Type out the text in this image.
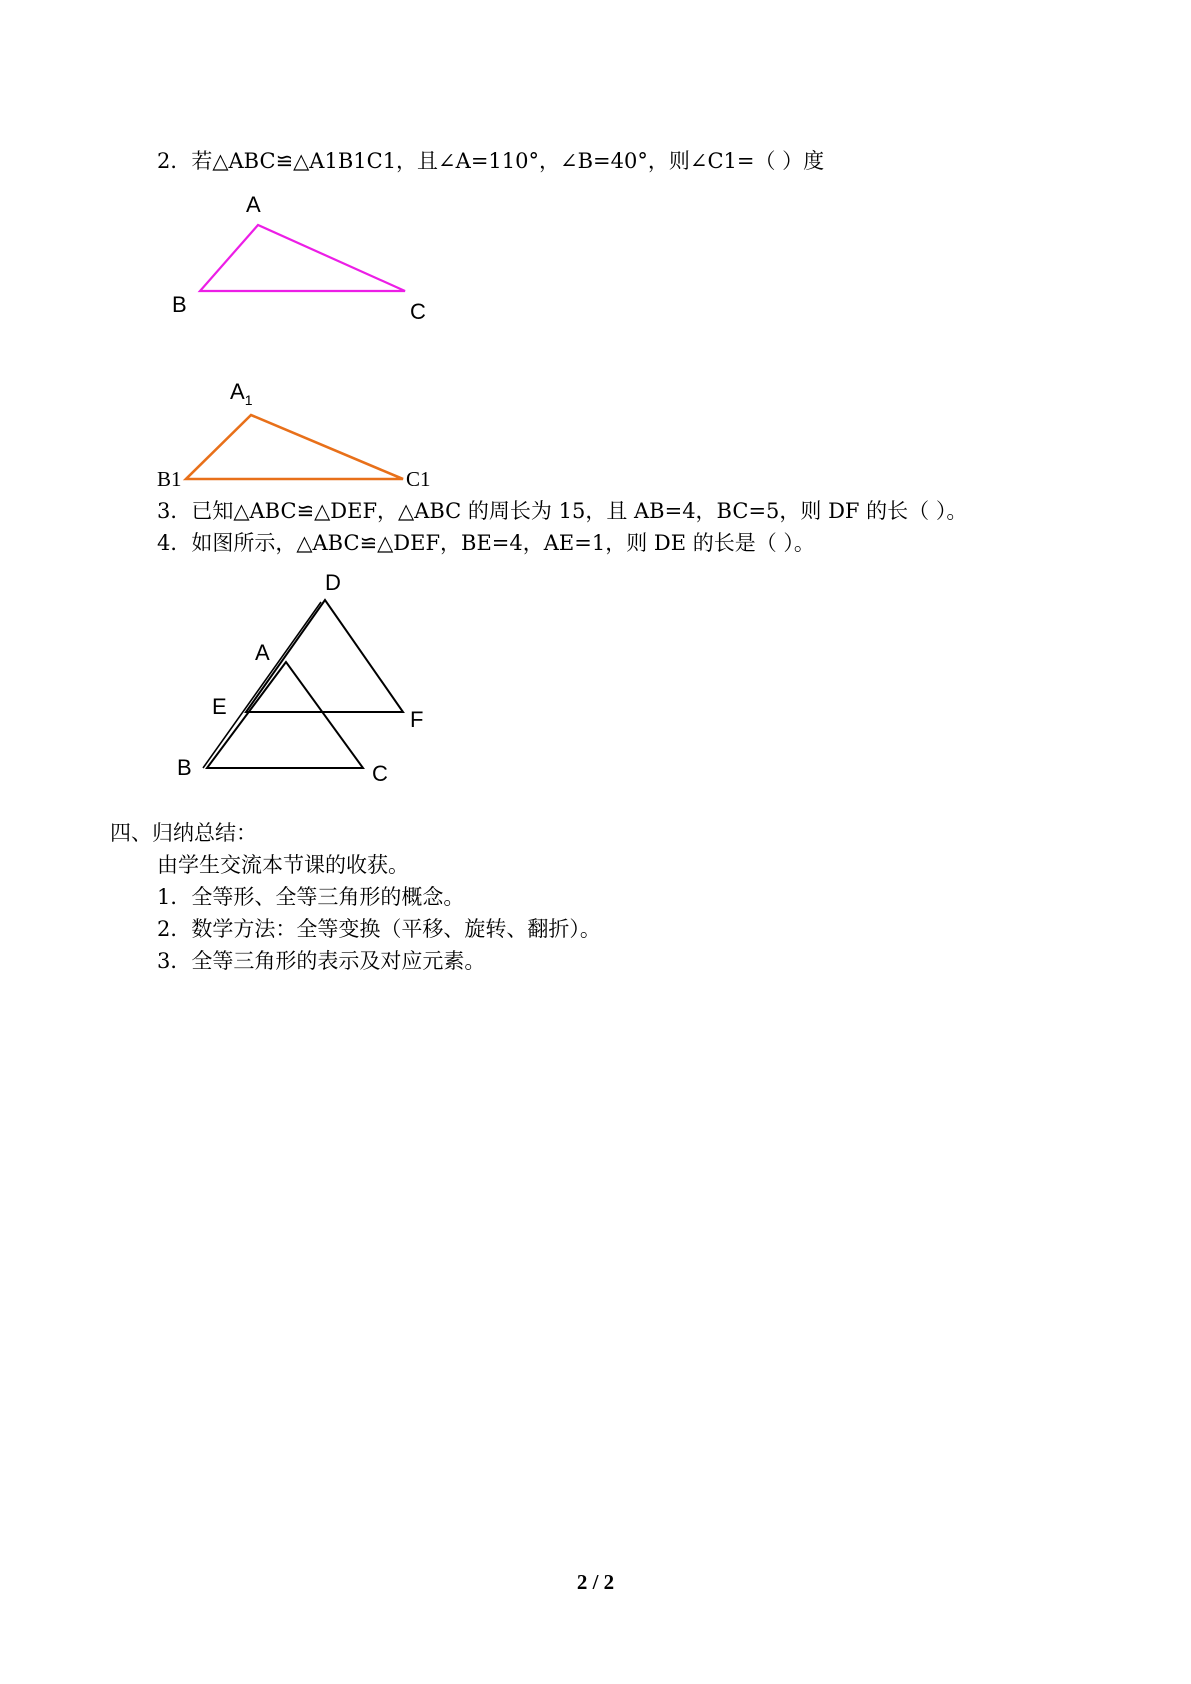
2．若△ABC≌△A1B1C1，且∠A=110°，∠B=40°，则∠C1=（ ）度
A
B	C
$A_1$
B1	C1
3．已知△ABC≌△DEF，△ABC 的周长为 15，且 AB=4，BC=5，则 DF 的长（ ）。
4．如图所示，△ABC≌△DEF，BE=4，AE=1，则 DE 的长是（ ）。
D
A
E
F
B	C
四、归纳总结：
由学生交流本节课的收获。
1．全等形、全等三角形的概念。
2．数学方法：全等变换（平移、旋转、翻折）。
3．全等三角形的表示及对应元素。
2 / 2
